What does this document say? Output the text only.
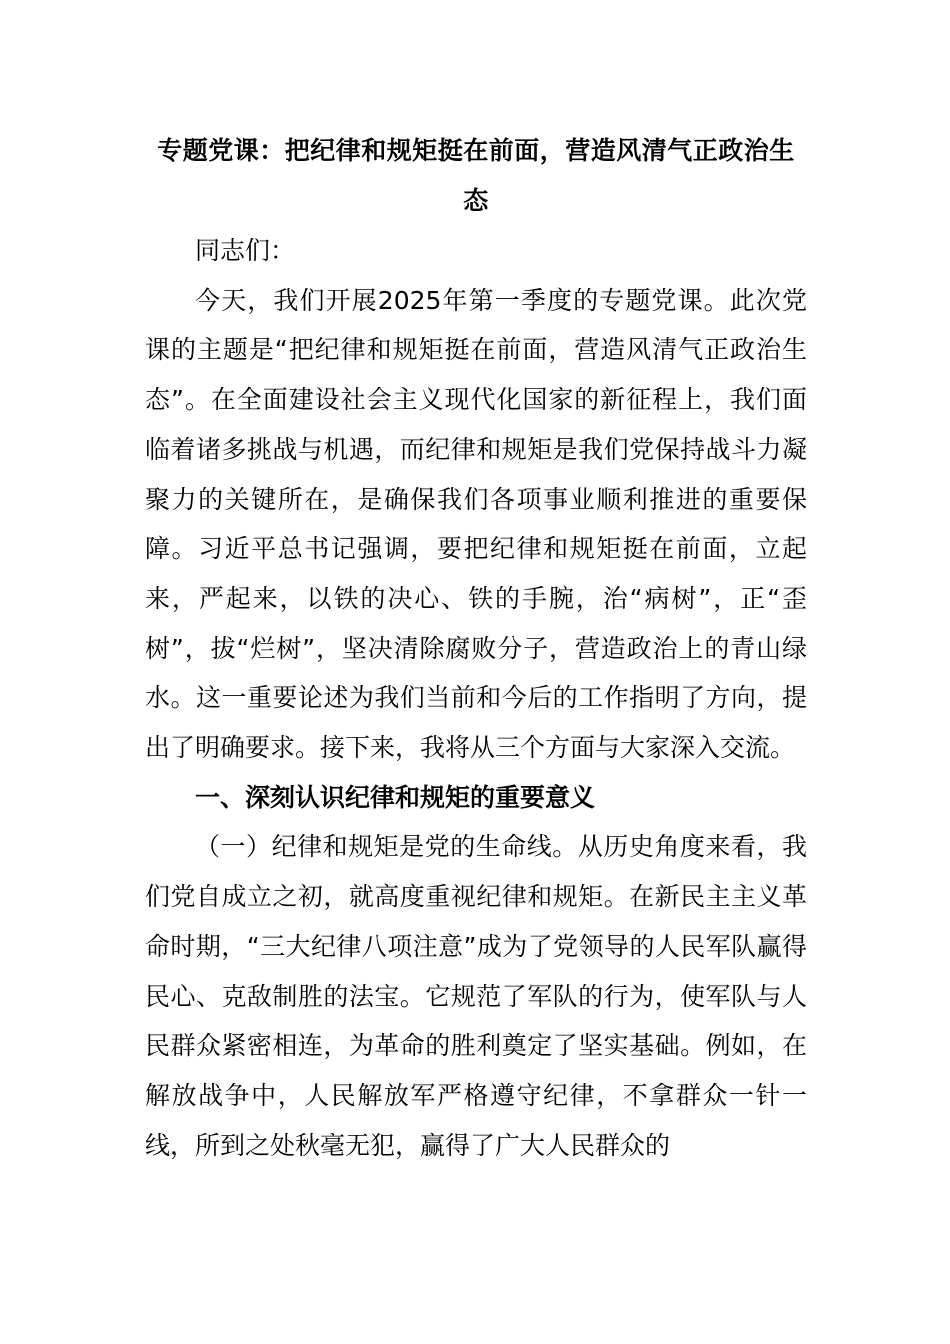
专题党课：把纪律和规矩挺在前面，营造风清气正政治生态

同志们：

今天，我们开展2025年第一季度的专题党课。此次党课的主题是“把纪律和规矩挺在前面，营造风清气正政治生态”。在全面建设社会主义现代化国家的新征程上，我们面临着诸多挑战与机遇，而纪律和规矩是我们党保持战斗力凝聚力的关键所在，是确保我们各项事业顺利推进的重要保障。习近平总书记强调，要把纪律和规矩挺在前面，立起来，严起来，以铁的决心、铁的手腕，治“病树”，正“歪树”，拔“烂树”，坚决清除腐败分子，营造政治上的青山绿水。这一重要论述为我们当前和今后的工作指明了方向，提出了明确要求。接下来，我将从三个方面与大家深入交流。

一、深刻认识纪律和规矩的重要意义

（一）纪律和规矩是党的生命线。从历史角度来看，我们党自成立之初，就高度重视纪律和规矩。在新民主主义革命时期，“三大纪律八项注意”成为了党领导的人民军队赢得民心、克敌制胜的法宝。它规范了军队的行为，使军队与人民群众紧密相连，为革命的胜利奠定了坚实基础。例如，在解放战争中，人民解放军严格遵守纪律，不拿群众一针一线，所到之处秋毫无犯，赢得了广大人民群众的
